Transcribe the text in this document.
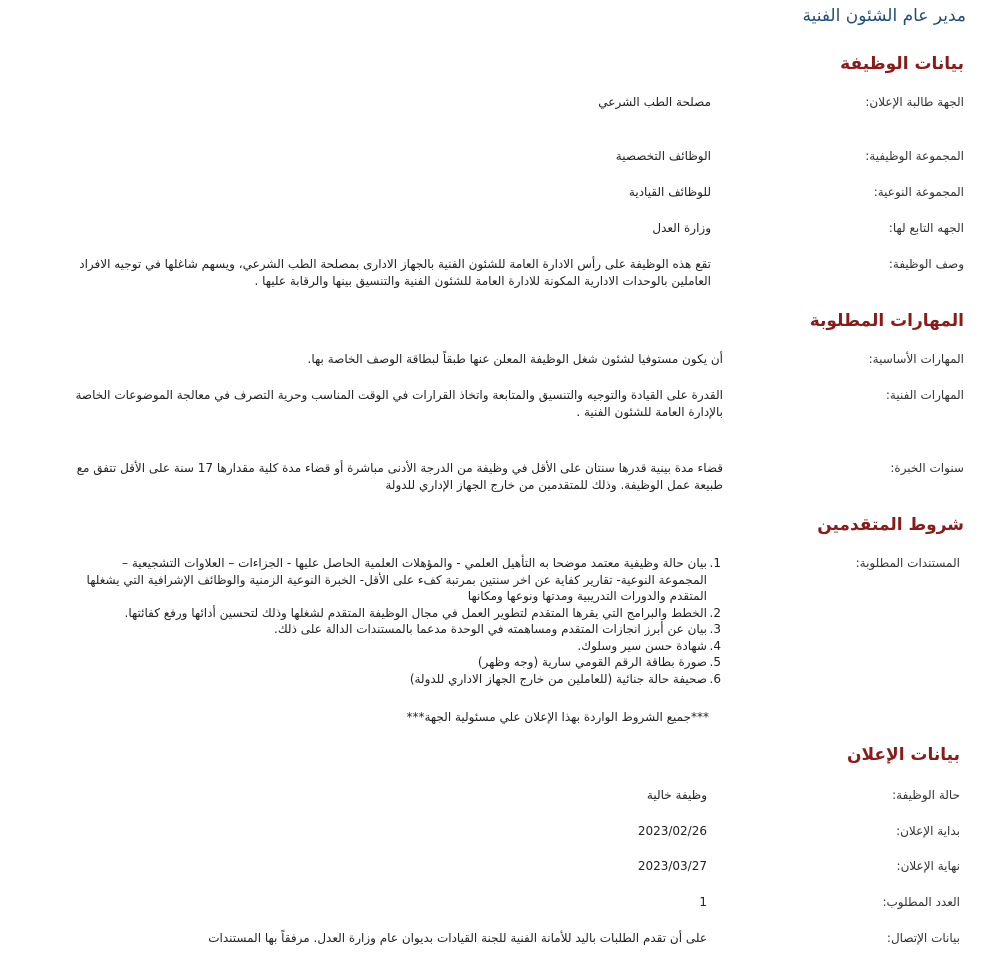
مدير عام الشئون الفنية
بيانات الوظيفة
الجهة طالبة الإعلان:
مصلحة الطب الشرعي
المجموعة الوظيفية:
الوظائف التخصصية
المجموعة النوعية:
للوظائف القيادية
الجهه التابع لها:
وزارة العدل
وصف الوظيفة:
تقع هذه الوظيفة على رأس الادارة العامة للشئون الفنية بالجهاز الادارى بمصلحة الطب الشرعي، ويسهم شاغلها في توجيه الافراد العاملين بالوحدات الادارية المكونة للادارة العامة للشئون الفنية والتنسيق بينها والرقابة عليها .
المهارات المطلوبة
المهارات الأساسية:
أن يكون مستوفيا لشئون شغل الوظيفة المعلن عنها طبقاً لبطاقة الوصف الخاصة بها.
المهارات الفنية:
القدرة على القيادة والتوجيه والتنسيق والمتابعة واتخاذ القرارات في الوقت المناسب وحرية التصرف في معالجة الموضوعات الخاصة بالإدارة العامة للشئون الفنية .
سنوات الخبرة:
قضاء مدة بينية قدرها سنتان على الأقل في وظيفة من الدرجة الأدنى مباشرة أو قضاء مدة كلية مقدارها 17 سنة على الأقل تتفق مع طبيعة عمل الوظيفة. وذلك للمتقدمين من خارج الجهاز الإداري للدولة
شروط المتقدمين
المستندات المطلوبة:
1.
بيان حالة وظيفية معتمد موضحا به التأهيل العلمي - والمؤهلات العلمية الحاصل عليها - الجزاءات – العلاوات التشجيعية – المجموعة النوعية- تقارير كفاية عن اخر سنتين بمرتبة كفء على الأقل- الخبرة النوعية الزمنية والوظائف الإشرافية التي يشغلها المتقدم والدورات التدريبية ومدتها ونوعها ومكانها
2.
الخطط والبرامج التي يقرها المتقدم لتطوير العمل في مجال الوظيفة المتقدم لشغلها وذلك لتحسين أدائها ورفع كفائتها.
3.
بيان عن أبرز انجازات المتقدم ومساهمته في الوحدة مدعما بالمستندات الدالة على ذلك.
4.
شهادة حسن سير وسلوك.
5.
صورة بطاقة الرقم القومي سارية (وجه وظهر)
6.
صحيفة حالة جنائية (للعاملين من خارج الجهاز الاداري للدولة)
***جميع الشروط الواردة بهذا الإعلان علي مسئولية الجهة***
بيانات الإعلان
حالة الوظيفة:
وظيفة خالية
بداية الإعلان:
2023/02/26
نهاية الإعلان:
2023/03/27
العدد المطلوب:
1
بيانات الإتصال:
على أن تقدم الطلبات باليد للأمانة الفنية للجنة القيادات بديوان عام وزارة العدل. مرفقاً بها المستندات
